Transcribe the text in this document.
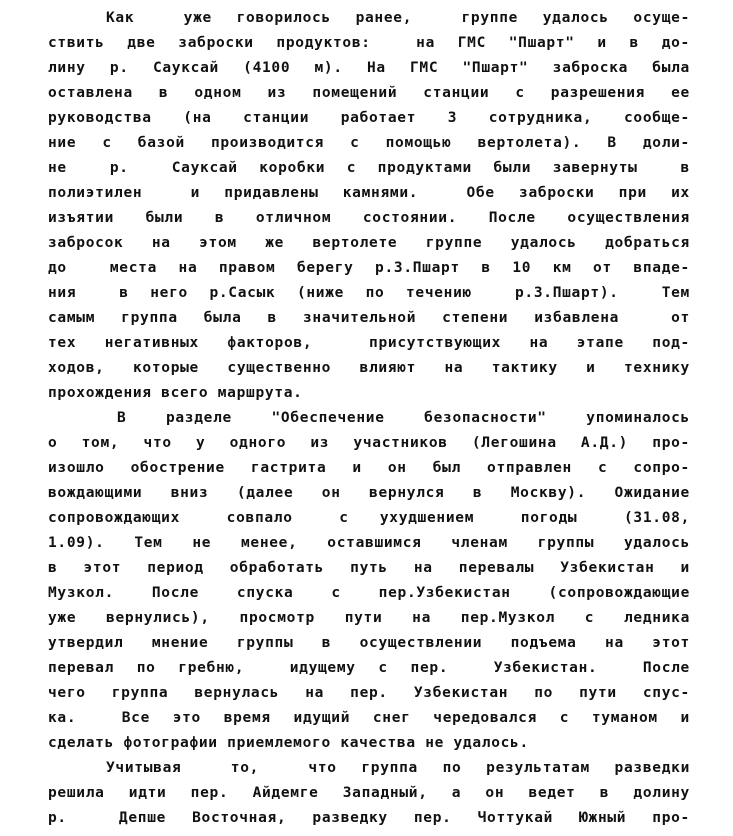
Как  уже говорилось ранее,  группе удалось осуще-
ствить две заброски продуктов:  на ГМС "Пшарт" и в до-
лину р. Сауксай (4100 м). На ГМС "Пшарт" заброска была
оставлена в одном из помещений станции с разрешения ее
руководства (на станции работает 3 сотрудника, сообще-
ние с базой производится с помощью вертолета). В доли-
не  р.  Сауксай коробки с продуктами были завернуты  в
полиэтилен  и придавлены камнями.  Обе заброски при их
изъятии были в отличном состоянии. После осуществления
забросок на этом же вертолете группе удалось добраться
до  места на правом берегу р.З.Пшарт в 10 км от впаде-
ния  в него р.Сасык (ниже по течению  р.З.Пшарт).  Тем
самым группа была в значительной степени избавлена  от
тех негативных факторов,  присутствующих на этапе под-
ходов, которые существенно влияют на тактику и технику
прохождения всего маршрута.
В разделе "Обеспечение безопасности" упоминалось
о том, что у одного из участников (Легошина А.Д.) про-
изошло обострение гастрита и он был отправлен с сопро-
вождающими вниз (далее он вернулся в Москву). Ожидание
сопровождающих   совпало   с  ухудшением   погоды   (31.08,
1.09). Тем не менее, оставшимся членам группы удалось
в этот период обработать путь на перевалы Узбекистан и
Музкол. После спуска с пер.Узбекистан (сопровождающие
уже вернулись), просмотр пути на пер.Музкол с ледника
утвердил мнение группы в осуществлении подъема на этот
перевал по гребню,  идущему с пер.  Узбекистан.  После
чего группа вернулась на пер. Узбекистан по пути спус-
ка.  Все это время идущий снег чередовался с туманом и
сделать фотографии приемлемого качества не удалось.
Учитывая  то,  что группа по результатам разведки
решила идти пер. Айдемге Западный, а он ведет в долину
р.  Депше Восточная, разведку пер. Чоттукай Южный про-
